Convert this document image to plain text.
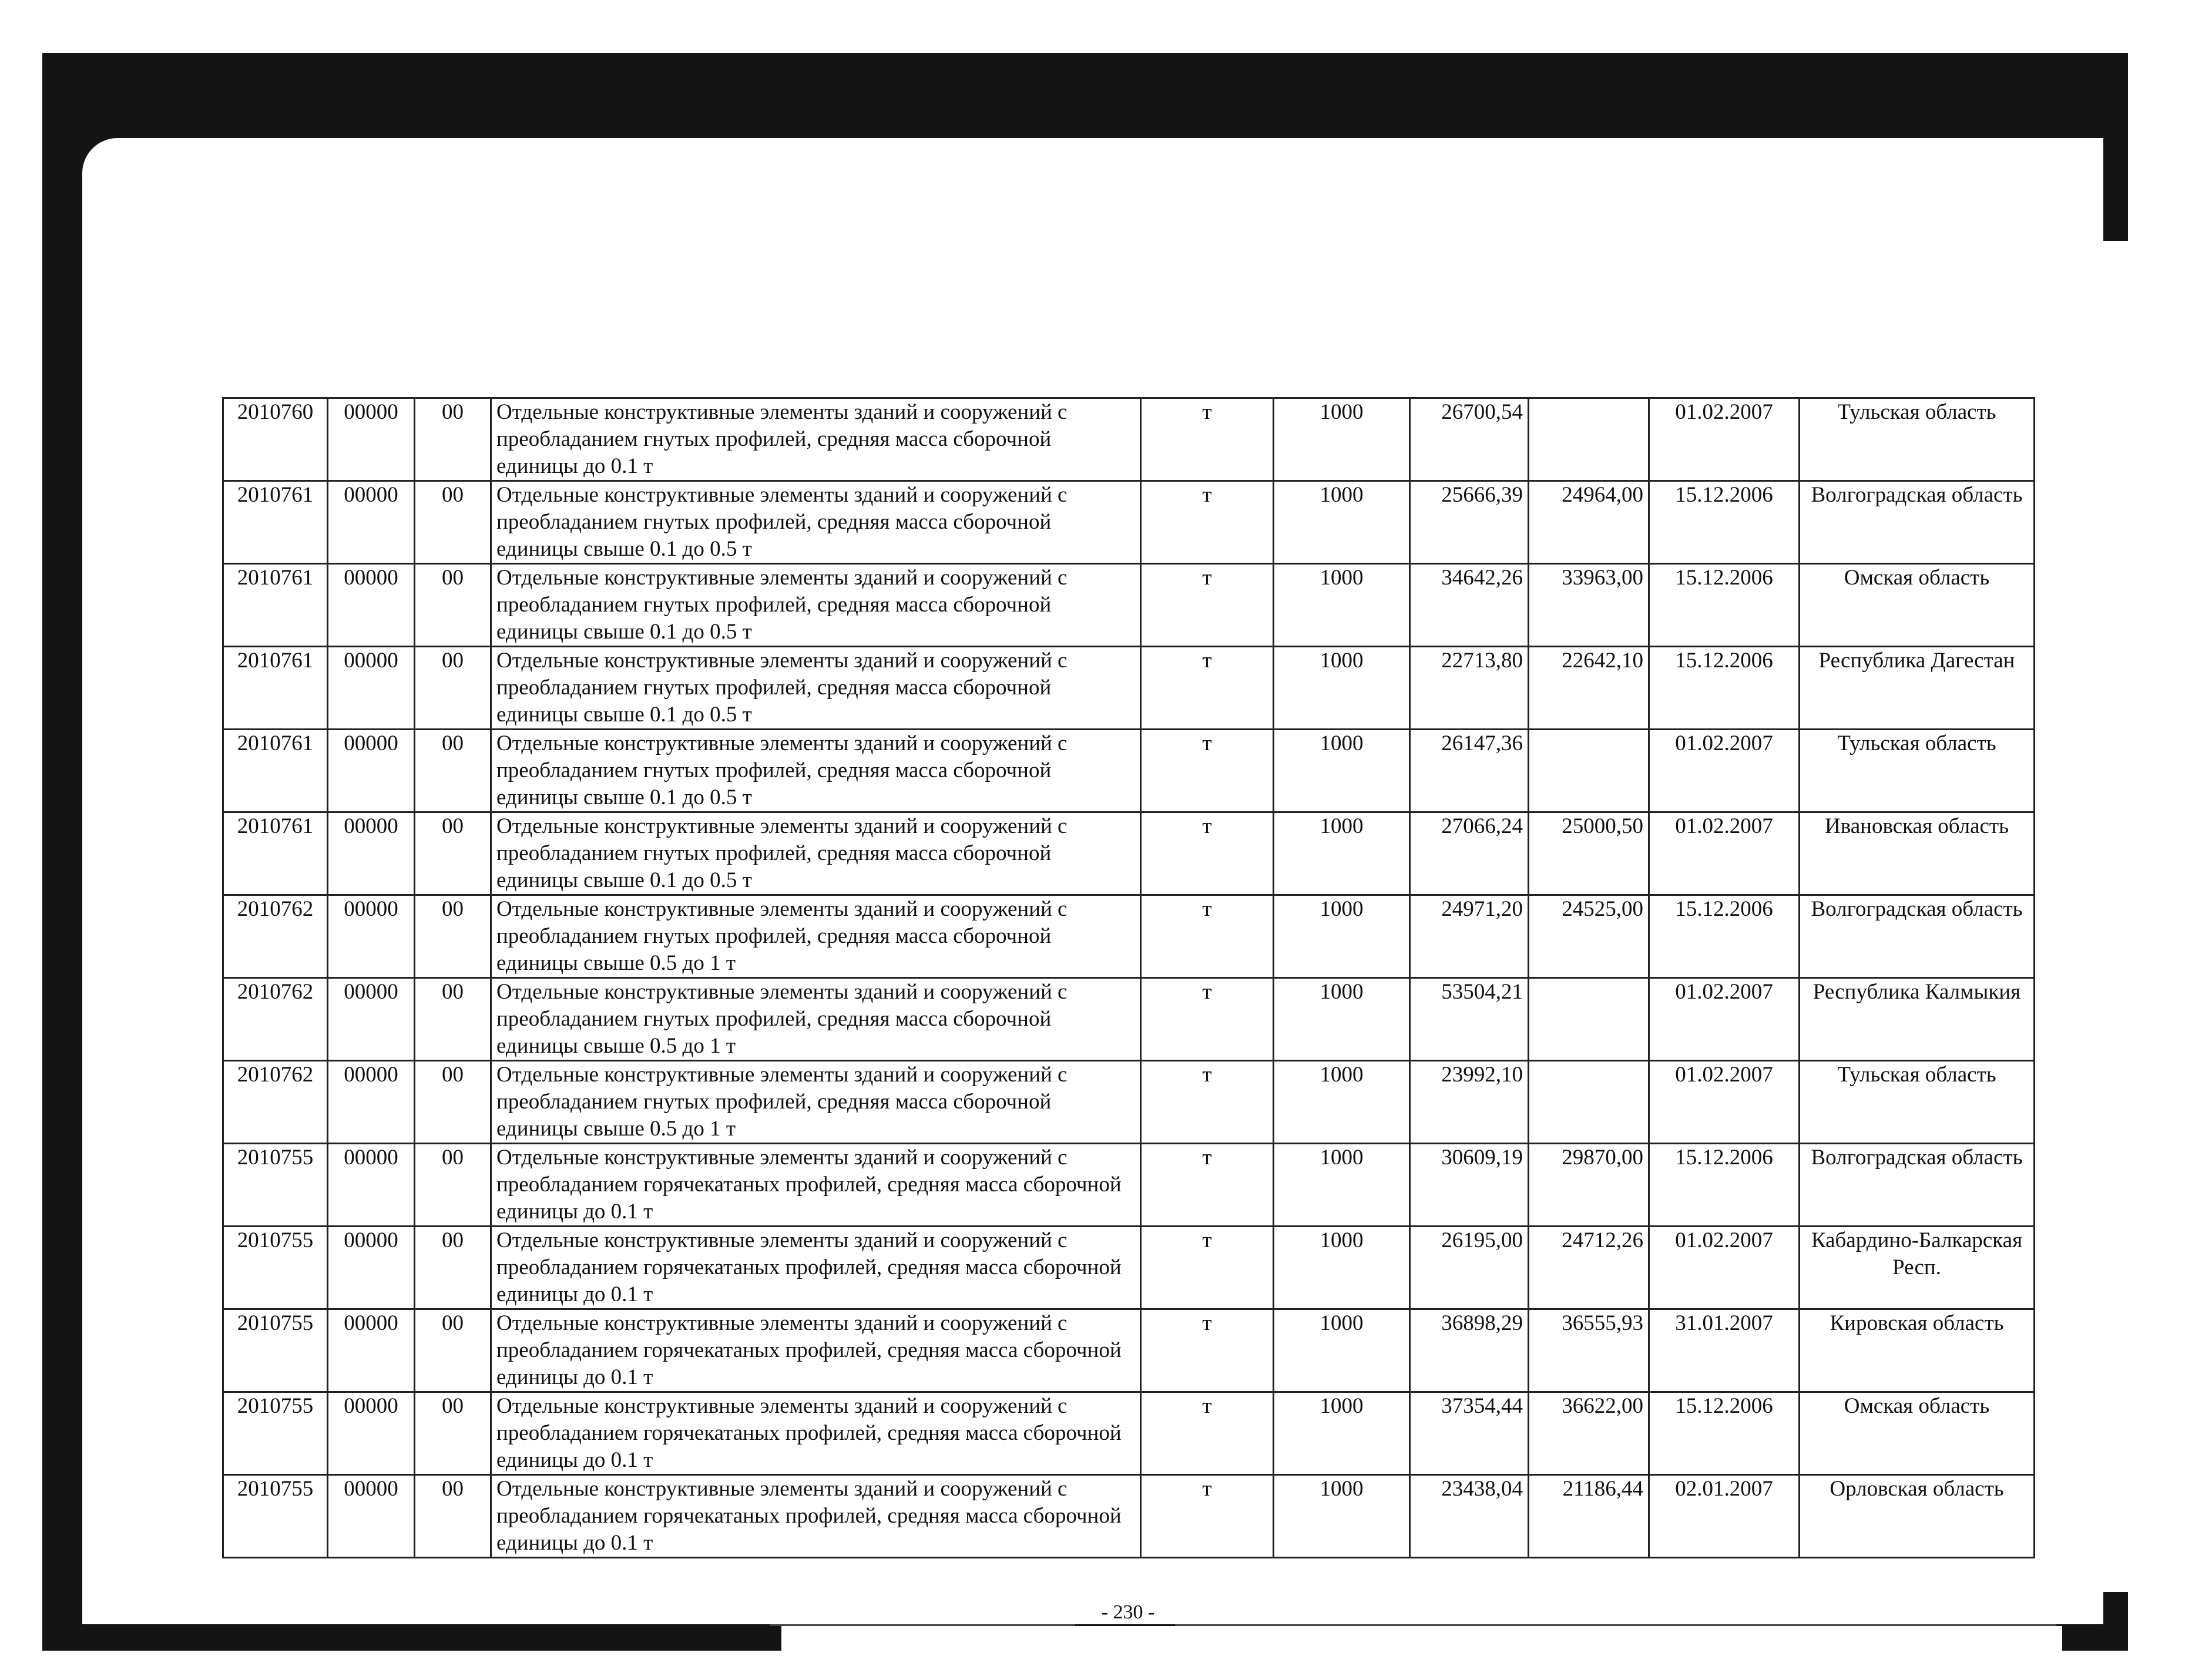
2010760	00000	00	Отдельные конструктивные элементы зданий и сооружений с преобладанием гнутых профилей, средняя масса сборочной единицы до 0.1 т	т	1000	26700,54		01.02.2007	Тульская область
2010761	00000	00	Отдельные конструктивные элементы зданий и сооружений с преобладанием гнутых профилей, средняя масса сборочной единицы свыше 0.1 до 0.5 т	т	1000	25666,39	24964,00	15.12.2006	Волгоградская область
2010761	00000	00	Отдельные конструктивные элементы зданий и сооружений с преобладанием гнутых профилей, средняя масса сборочной единицы свыше 0.1 до 0.5 т	т	1000	34642,26	33963,00	15.12.2006	Омская область
2010761	00000	00	Отдельные конструктивные элементы зданий и сооружений с преобладанием гнутых профилей, средняя масса сборочной единицы свыше 0.1 до 0.5 т	т	1000	22713,80	22642,10	15.12.2006	Республика Дагестан
2010761	00000	00	Отдельные конструктивные элементы зданий и сооружений с преобладанием гнутых профилей, средняя масса сборочной единицы свыше 0.1 до 0.5 т	т	1000	26147,36		01.02.2007	Тульская область
2010761	00000	00	Отдельные конструктивные элементы зданий и сооружений с преобладанием гнутых профилей, средняя масса сборочной единицы свыше 0.1 до 0.5 т	т	1000	27066,24	25000,50	01.02.2007	Ивановская область
2010762	00000	00	Отдельные конструктивные элементы зданий и сооружений с преобладанием гнутых профилей, средняя масса сборочной единицы свыше 0.5 до 1 т	т	1000	24971,20	24525,00	15.12.2006	Волгоградская область
2010762	00000	00	Отдельные конструктивные элементы зданий и сооружений с преобладанием гнутых профилей, средняя масса сборочной единицы свыше 0.5 до 1 т	т	1000	53504,21		01.02.2007	Республика Калмыкия
2010762	00000	00	Отдельные конструктивные элементы зданий и сооружений с преобладанием гнутых профилей, средняя масса сборочной единицы свыше 0.5 до 1 т	т	1000	23992,10		01.02.2007	Тульская область
2010755	00000	00	Отдельные конструктивные элементы зданий и сооружений с преобладанием горячекатаных профилей, средняя масса сборочной единицы до 0.1 т	т	1000	30609,19	29870,00	15.12.2006	Волгоградская область
2010755	00000	00	Отдельные конструктивные элементы зданий и сооружений с преобладанием горячекатаных профилей, средняя масса сборочной единицы до 0.1 т	т	1000	26195,00	24712,26	01.02.2007	Кабардино-Балкарская Респ.
2010755	00000	00	Отдельные конструктивные элементы зданий и сооружений с преобладанием горячекатаных профилей, средняя масса сборочной единицы до 0.1 т	т	1000	36898,29	36555,93	31.01.2007	Кировская область
2010755	00000	00	Отдельные конструктивные элементы зданий и сооружений с преобладанием горячекатаных профилей, средняя масса сборочной единицы до 0.1 т	т	1000	37354,44	36622,00	15.12.2006	Омская область
2010755	00000	00	Отдельные конструктивные элементы зданий и сооружений с преобладанием горячекатаных профилей, средняя масса сборочной единицы до 0.1 т	т	1000	23438,04	21186,44	02.01.2007	Орловская область
- 230 -
